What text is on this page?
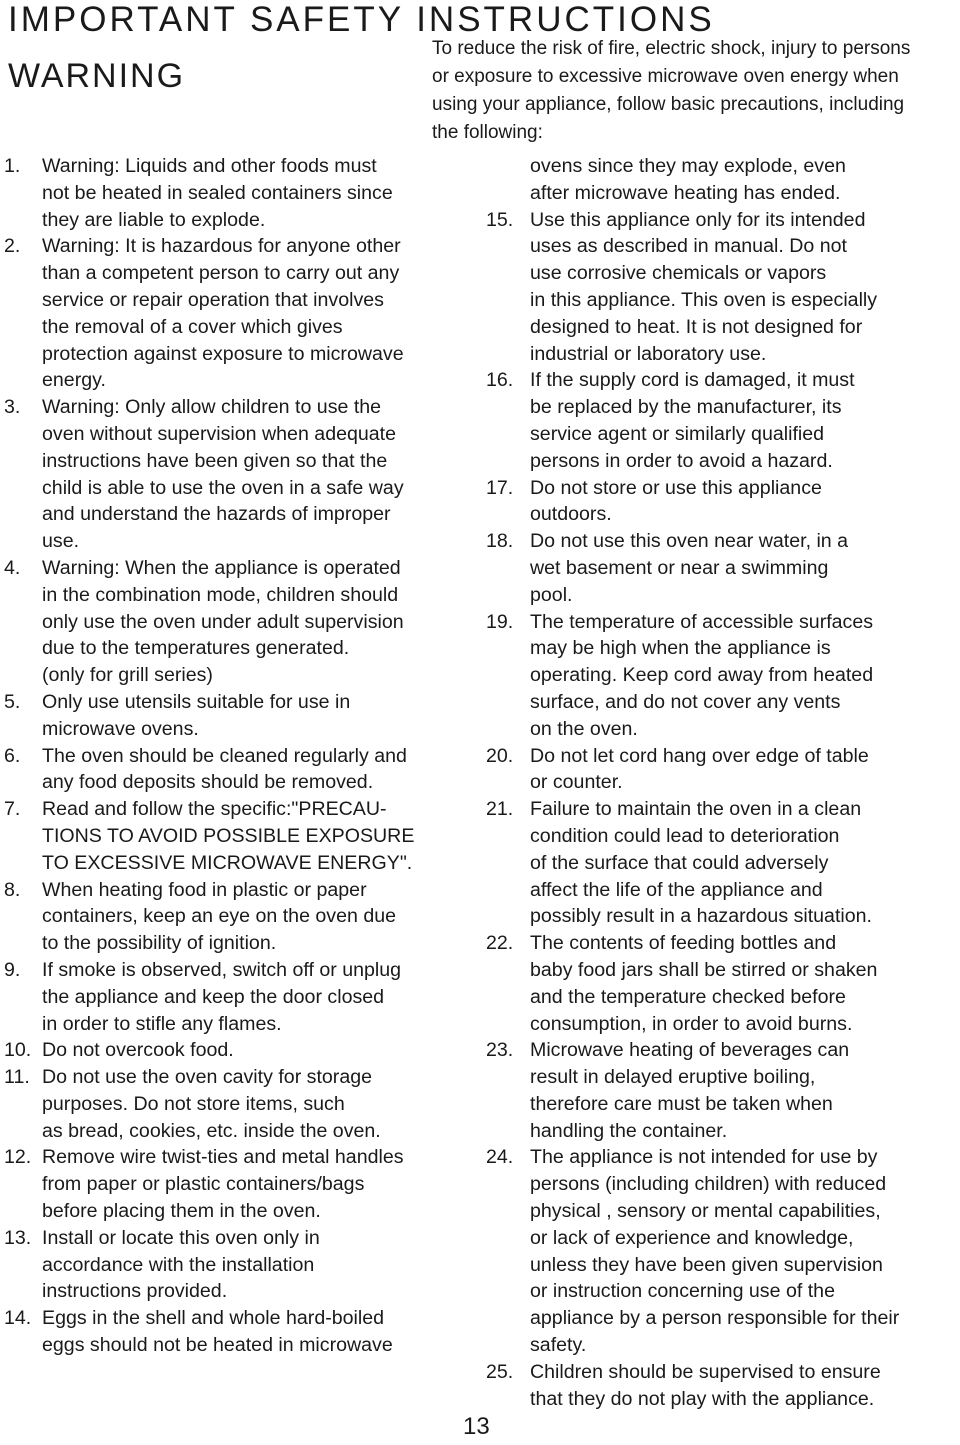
IMPORTANT SAFETY INSTRUCTIONS
WARNING

To reduce the risk of fire, electric shock, injury to persons
or exposure to excessive microwave oven energy when
using your appliance, follow basic precautions, including
the following:

1.	Warning: Liquids and other foods must
not be heated in sealed containers since
they are liable to explode.
2.	Warning: It is hazardous for anyone other
than a competent person to carry out any
service or repair operation that involves
the removal of a cover which gives
protection against exposure to microwave
energy.
3.	Warning: Only allow children to use the
oven without supervision when adequate
instructions have been given so that the
child is able to use the oven in a safe way
and understand the hazards of improper
use.
4.	Warning: When the appliance is operated
in the combination mode, children should
only use the oven under adult supervision
due to the temperatures generated.
(only for grill series)
5.	Only use utensils suitable for use in
microwave ovens.
6.	The oven should be cleaned regularly and
any food deposits should be removed.
7.	Read and follow the specific:"PRECAU-
TIONS TO AVOID POSSIBLE EXPOSURE
TO EXCESSIVE MICROWAVE ENERGY".
8.	When heating food in plastic or paper
containers, keep an eye on the oven due
to the possibility of ignition.
9.	If smoke is observed, switch off or unplug
the appliance and keep the door closed
in order to stifle any flames.
10. Do not overcook food.
11. Do not use the oven cavity for storage
purposes. Do not store items, such
as bread, cookies, etc. inside the oven.
12. Remove wire twist-ties and metal handles
from paper or plastic containers/bags
before placing them in the oven.
13. Install or locate this oven only in
accordance with the installation
instructions provided.
14. Eggs in the shell and whole hard-boiled
eggs should not be heated in microwave
ovens since they may explode, even
after microwave heating has ended.
15. Use this appliance only for its intended
uses as described in manual. Do not
use corrosive chemicals or vapors
in this appliance. This oven is especially
designed to heat. It is not designed for
industrial or laboratory use.
16. If the supply cord is damaged, it must
be replaced by the manufacturer, its
service agent or similarly qualified
persons in order to avoid a hazard.
17. Do not store or use this appliance
outdoors.
18. Do not use this oven near water, in a
wet basement or near a swimming
pool.
19. The temperature of accessible surfaces
may be high when the appliance is
operating. Keep cord away from heated
surface, and do not cover any vents
on the oven.
20. Do not let cord hang over edge of table
or counter.
21. Failure to maintain the oven in a clean
condition could lead to deterioration
of the surface that could adversely
affect the life of the appliance and
possibly result in a hazardous situation.
22. The contents of feeding bottles and
baby food jars shall be stirred or shaken
and the temperature checked before
consumption, in order to avoid burns.
23. Microwave heating of beverages can
result in delayed eruptive boiling,
therefore care must be taken when
handling the container.
24. The appliance is not intended for use by
persons (including children) with reduced
physical , sensory or mental capabilities,
or lack of experience and knowledge,
unless they have been given supervision
or instruction concerning use of the
appliance by a person responsible for their
safety.
25. Children should be supervised to ensure
that they do not play with the appliance.

13
